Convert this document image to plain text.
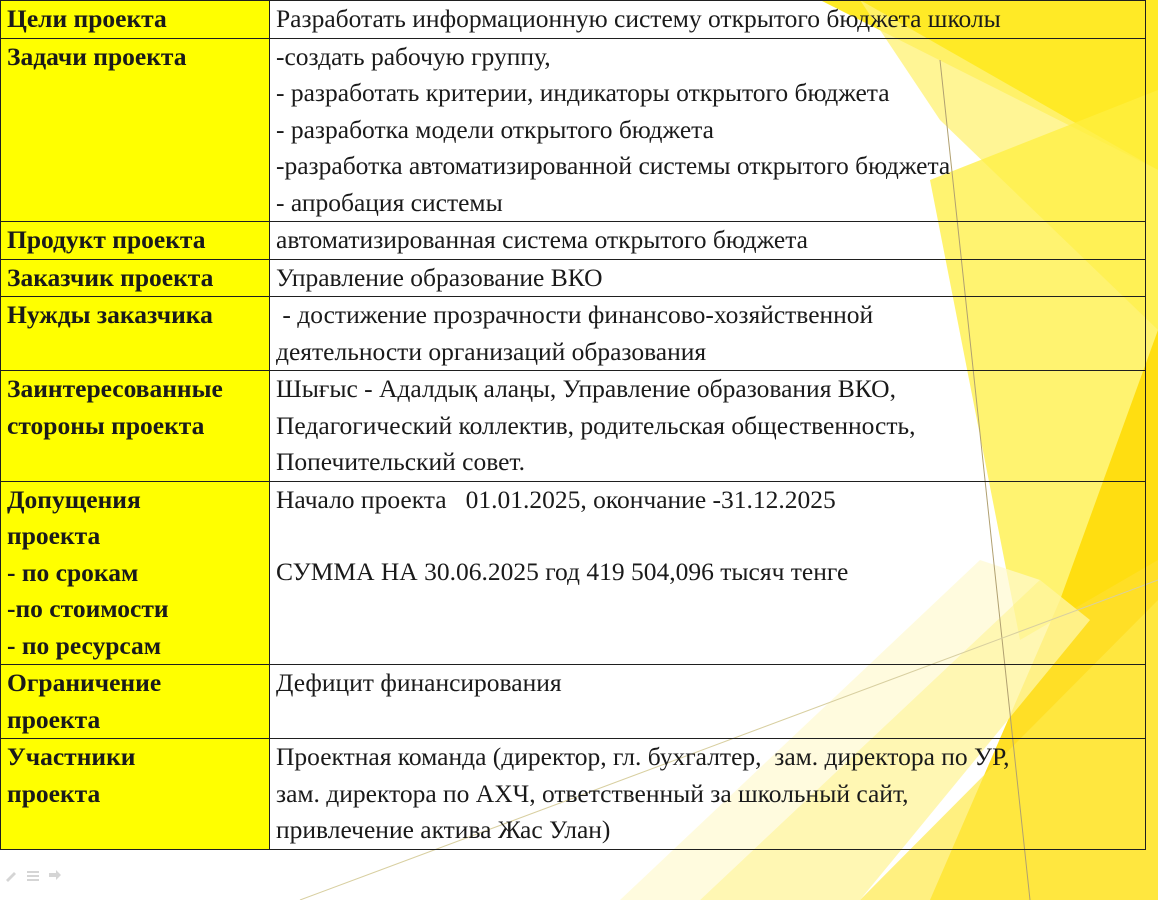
Цели проекта	Разработать информационную систему открытого бюджета школы

Задачи проекта	-создать рабочую группу,
- разработать критерии, индикаторы открытого бюджета
- разработка модели открытого бюджета
-разработка автоматизированной системы открытого бюджета
- апробация системы

Продукт проекта	автоматизированная система открытого бюджета

Заказчик проекта	Управление образование ВКО

Нужды заказчика	- достижение прозрачности финансово-хозяйственной
деятельности организаций образования

Заинтересованные
стороны проекта	Шығыс - Адалдық алаңы, Управление образования ВКО,
Педагогический коллектив, родительская общественность,
Попечительский совет.

Допущения
проекта
- по срокам
-по стоимости
- по ресурсам	Начало проекта   01.01.2025, окончание -31.12.2025
СУММА НА 30.06.2025 год 419 504,096 тысяч тенге

Ограничение
проекта	Дефицит финансирования

Участники
проекта	Проектная команда (директор, гл. бухгалтер,  зам. директора по УР,
зам. директора по АХЧ, ответственный за школьный сайт,
привлечение актива Жас Улан)
